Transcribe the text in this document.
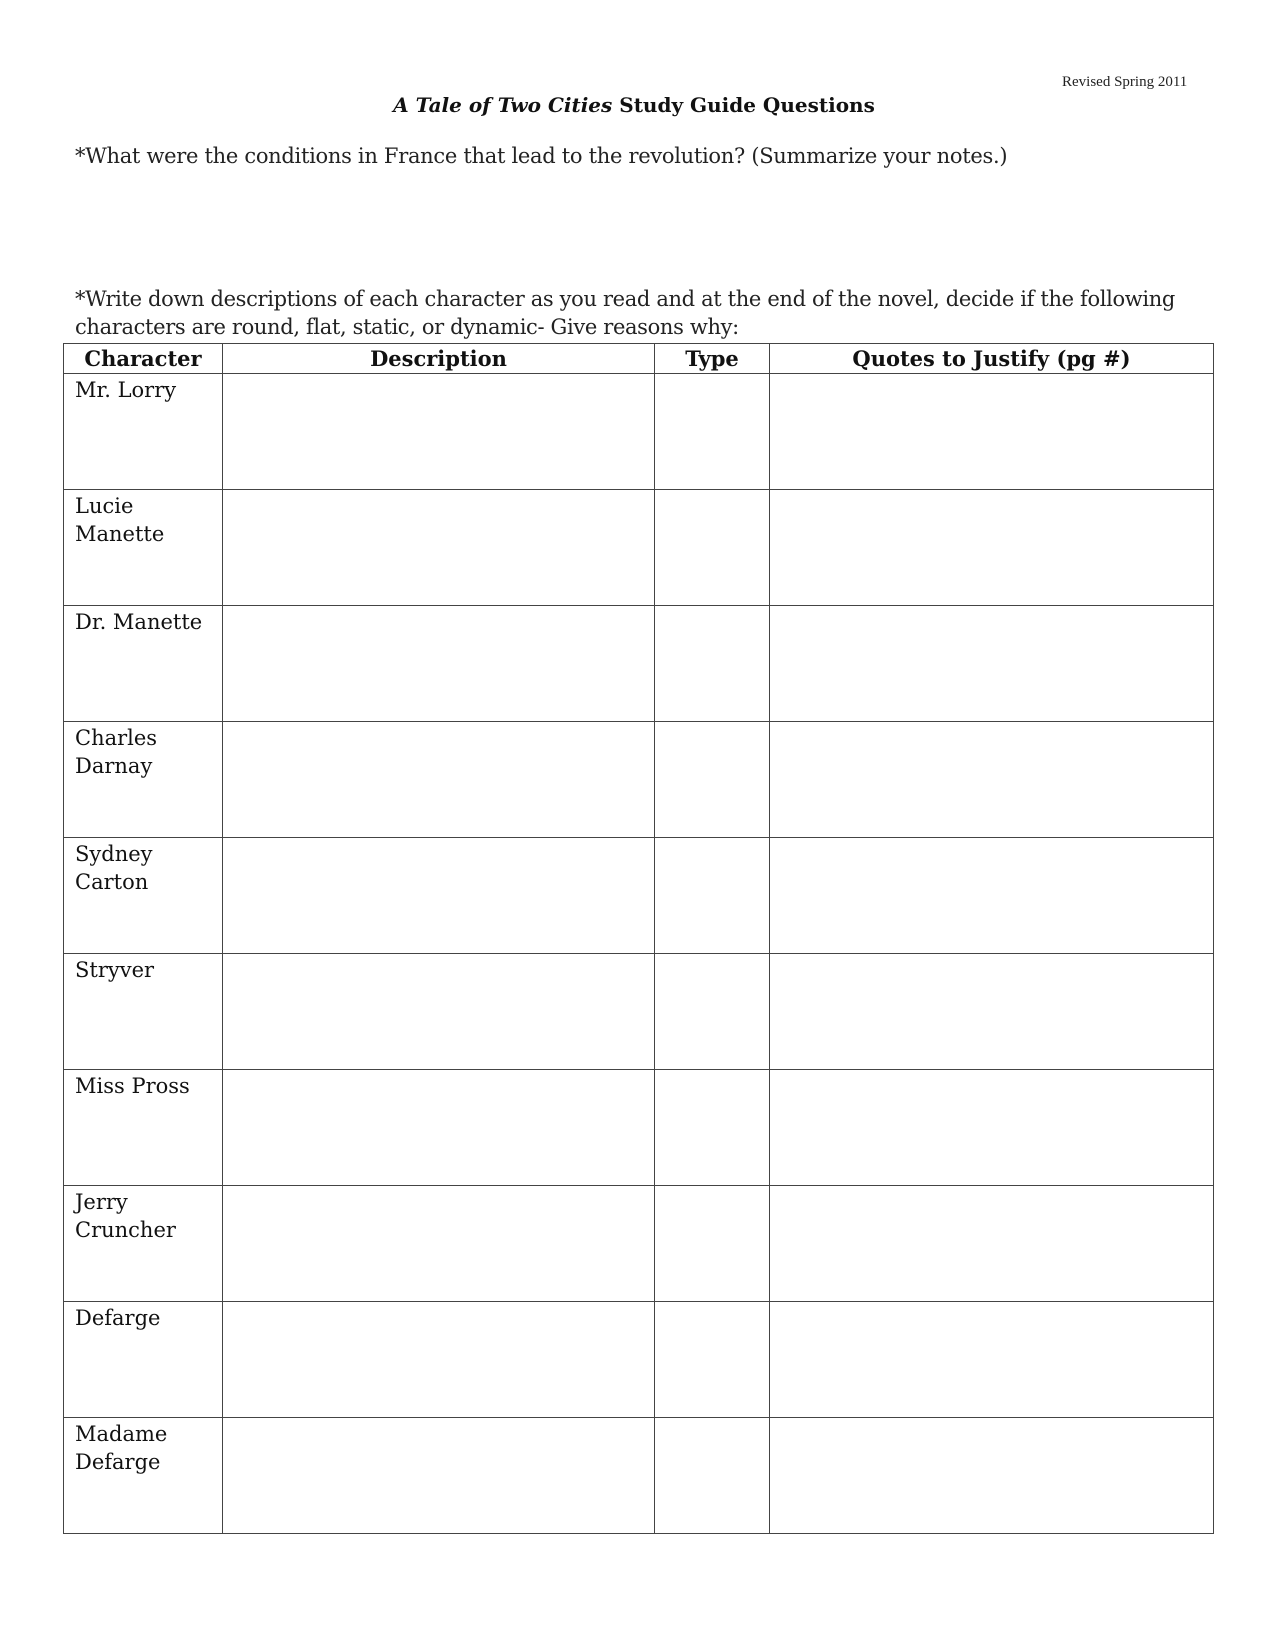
Revised Spring 2011
A Tale of Two Cities Study Guide Questions
*What were the conditions in France that lead to the revolution? (Summarize your notes.)
*Write down descriptions of each character as you read and at the end of the novel, decide if the following characters are round, flat, static, or dynamic- Give reasons why:
Character	Description	Type	Quotes to Justify (pg #)
Mr. Lorry			
Lucie Manette			
Dr. Manette			
Charles Darnay			
Sydney Carton			
Stryver			
Miss Pross			
Jerry Cruncher			
Defarge			
Madame Defarge			
